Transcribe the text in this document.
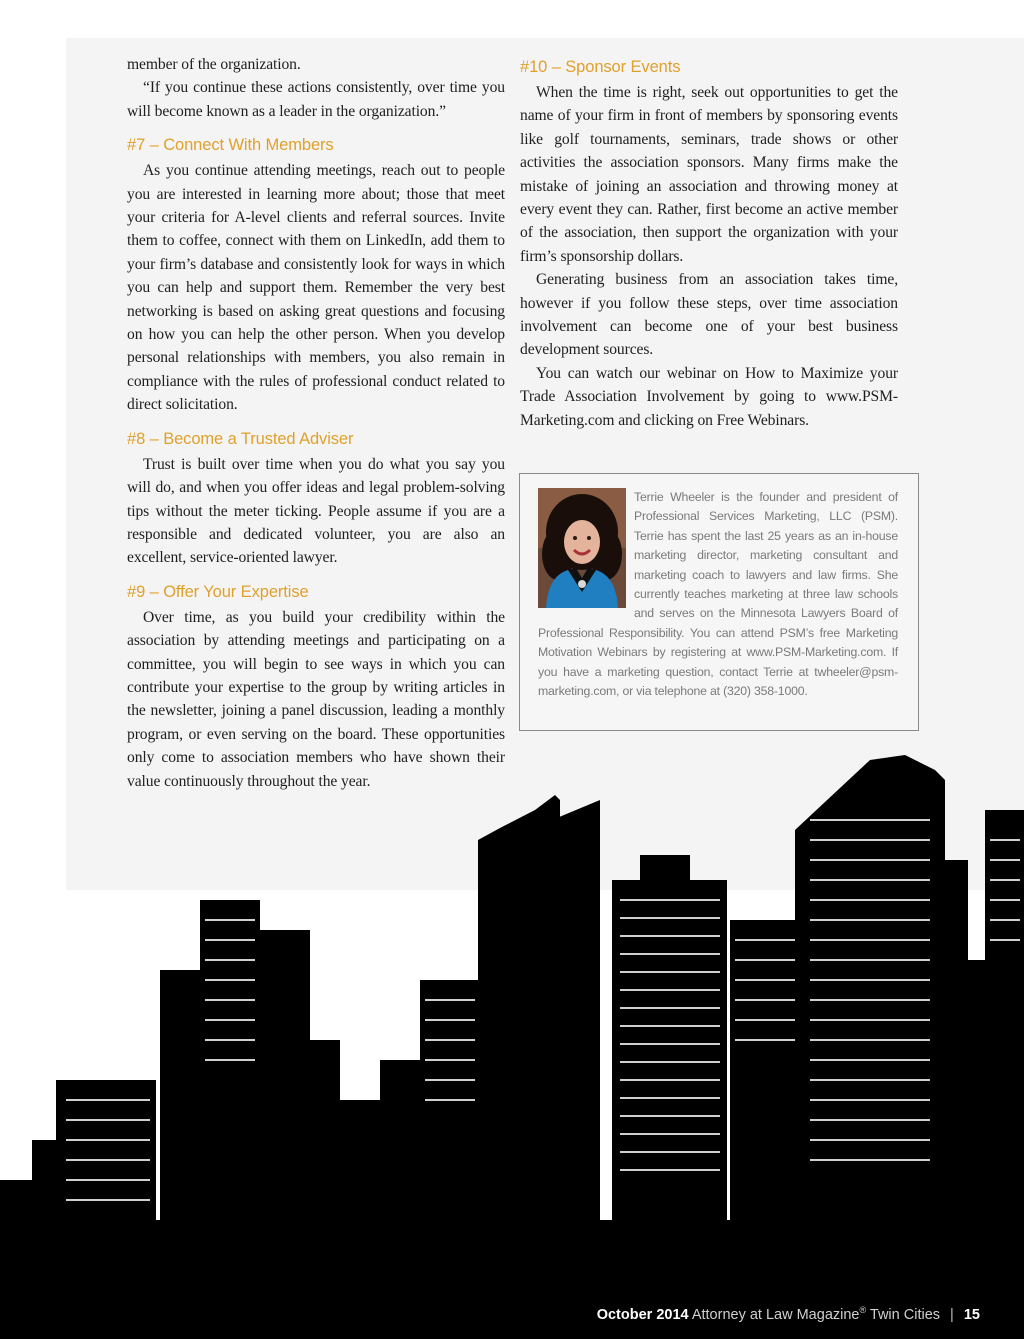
member of the organization.

“If you continue these actions consistently, over time you will become known as a leader in the organization.”

#7 – Connect With Members

As you continue attending meetings, reach out to people you are interested in learning more about; those that meet your criteria for A-level clients and referral sources. Invite them to coffee, connect with them on LinkedIn, add them to your firm’s database and consistently look for ways in which you can help and support them. Remember the very best networking is based on asking great questions and focusing on how you can help the other person. When you develop personal relationships with members, you also remain in compliance with the rules of professional conduct related to direct solicitation.

#8 – Become a Trusted Adviser

Trust is built over time when you do what you say you will do, and when you offer ideas and legal problem-solving tips without the meter ticking. People assume if you are a responsible and dedicated volunteer, you are also an excellent, service-oriented lawyer.

#9 – Offer Your Expertise

Over time, as you build your credibility within the association by attending meetings and participating on a committee, you will begin to see ways in which you can contribute your expertise to the group by writing articles in the newsletter, joining a panel discussion, leading a monthly program, or even serving on the board. These opportunities only come to association members who have shown their value continuously throughout the year.

#10 – Sponsor Events

When the time is right, seek out opportunities to get the name of your firm in front of members by sponsoring events like golf tournaments, seminars, trade shows or other activities the association sponsors. Many firms make the mistake of joining an association and throwing money at every event they can. Rather, first become an active member of the association, then support the organization with your firm’s sponsorship dollars.

Generating business from an association takes time, however if you follow these steps, over time association involvement can become one of your best business development sources.

You can watch our webinar on How to Maximize your Trade Association Involvement by going to www.PSM-Marketing.com and clicking on Free Webinars.

Terrie Wheeler is the founder and president of Professional Services Marketing, LLC (PSM). Terrie has spent the last 25 years as an in-house marketing director, marketing consultant and marketing coach to lawyers and law firms. She currently teaches marketing at three law schools and serves on the Minnesota Lawyers Board of Professional Responsibility. You can attend PSM’s free Marketing Motivation Webinars by registering at www.PSM-Marketing.com. If you have a marketing question, contact Terrie at twheeler@psm-marketing.com, or via telephone at (320) 358-1000.
October 2014 Attorney at Law Magazine® Twin Cities | 15
